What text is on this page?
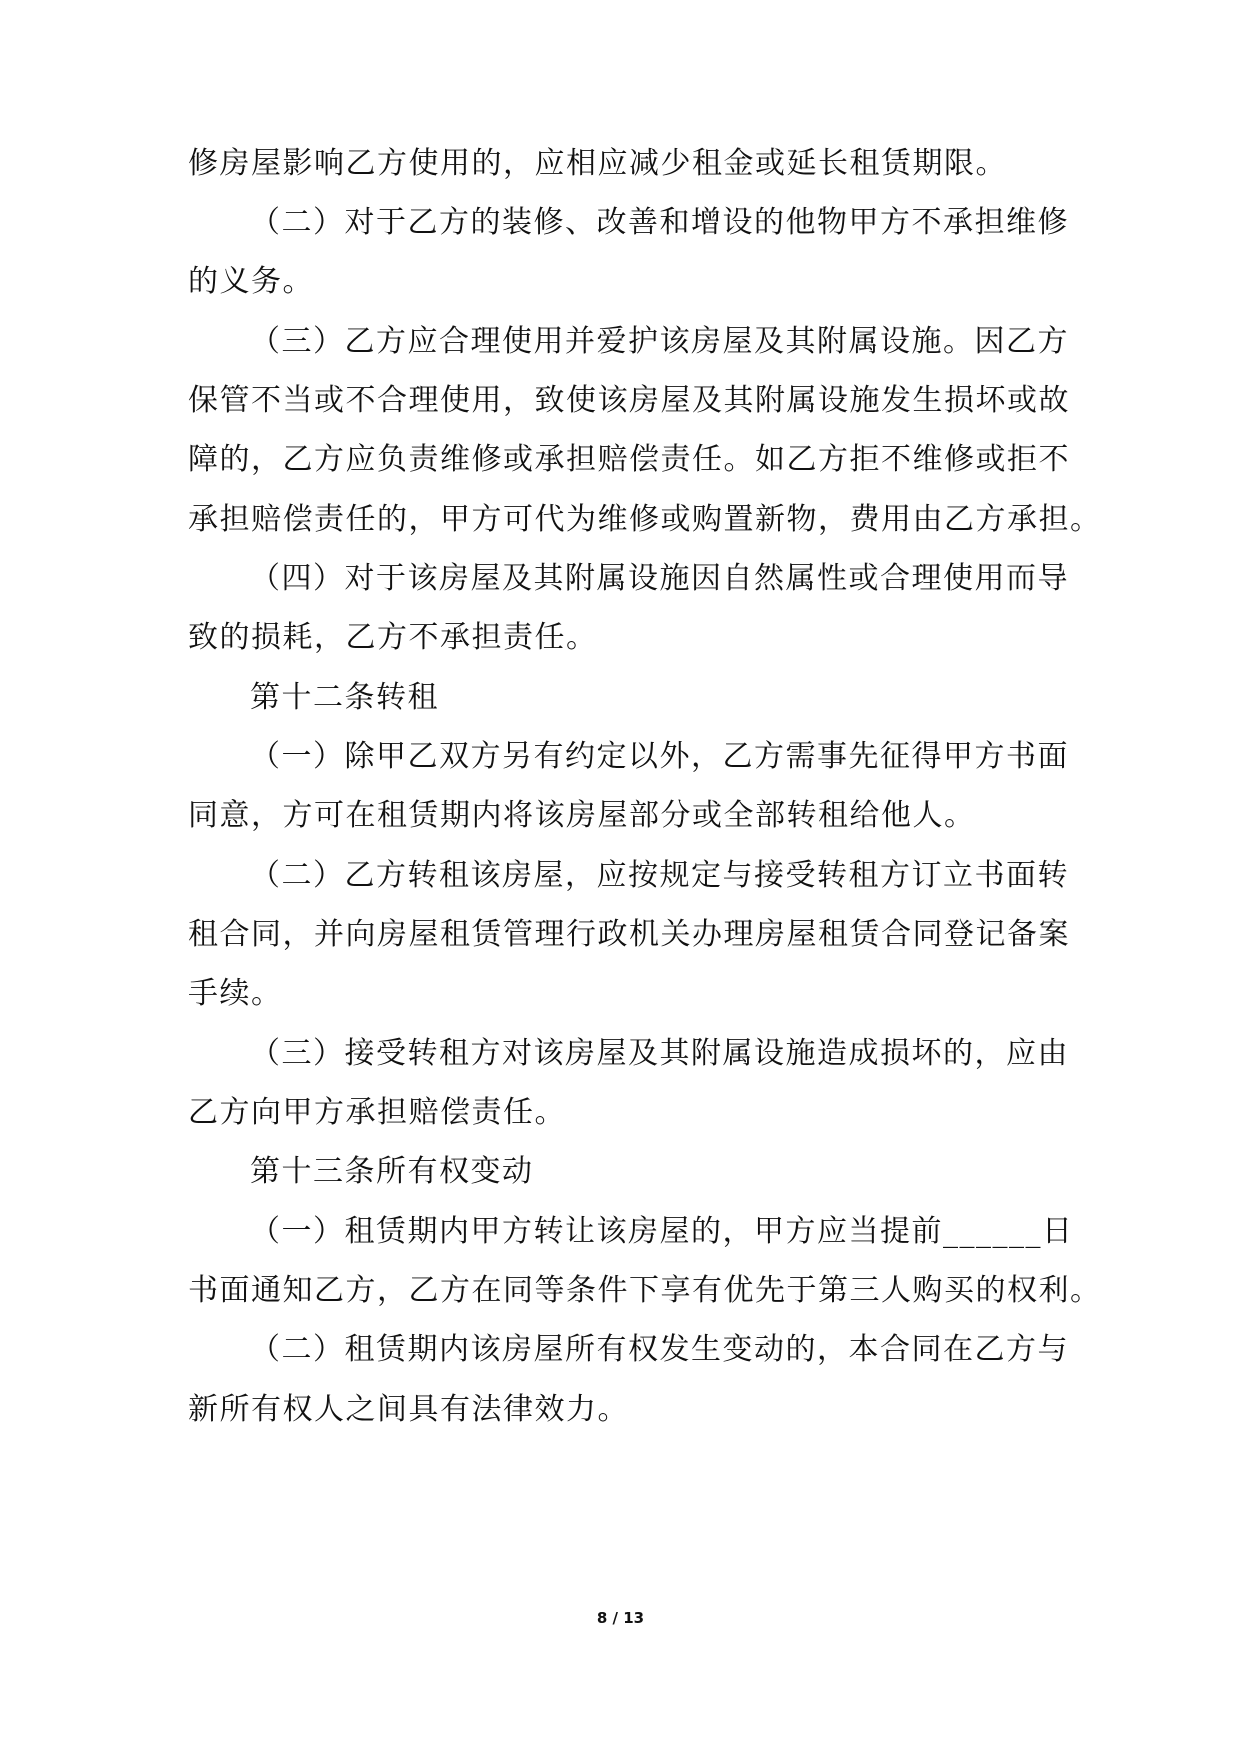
修房屋影响乙方使用的，应相应减少租金或延长租赁期限。
（二）对于乙方的装修、改善和增设的他物甲方不承担维修
的义务。
（三）乙方应合理使用并爱护该房屋及其附属设施。因乙方
保管不当或不合理使用，致使该房屋及其附属设施发生损坏或故
障的，乙方应负责维修或承担赔偿责任。如乙方拒不维修或拒不
承担赔偿责任的，甲方可代为维修或购置新物，费用由乙方承担。
（四）对于该房屋及其附属设施因自然属性或合理使用而导
致的损耗，乙方不承担责任。
第十二条转租
（一）除甲乙双方另有约定以外，乙方需事先征得甲方书面
同意，方可在租赁期内将该房屋部分或全部转租给他人。
（二）乙方转租该房屋，应按规定与接受转租方订立书面转
租合同，并向房屋租赁管理行政机关办理房屋租赁合同登记备案
手续。
（三）接受转租方对该房屋及其附属设施造成损坏的，应由
乙方向甲方承担赔偿责任。
第十三条所有权变动
（一）租赁期内甲方转让该房屋的，甲方应当提前______日
书面通知乙方，乙方在同等条件下享有优先于第三人购买的权利。
（二）租赁期内该房屋所有权发生变动的，本合同在乙方与
新所有权人之间具有法律效力。
8 / 13
